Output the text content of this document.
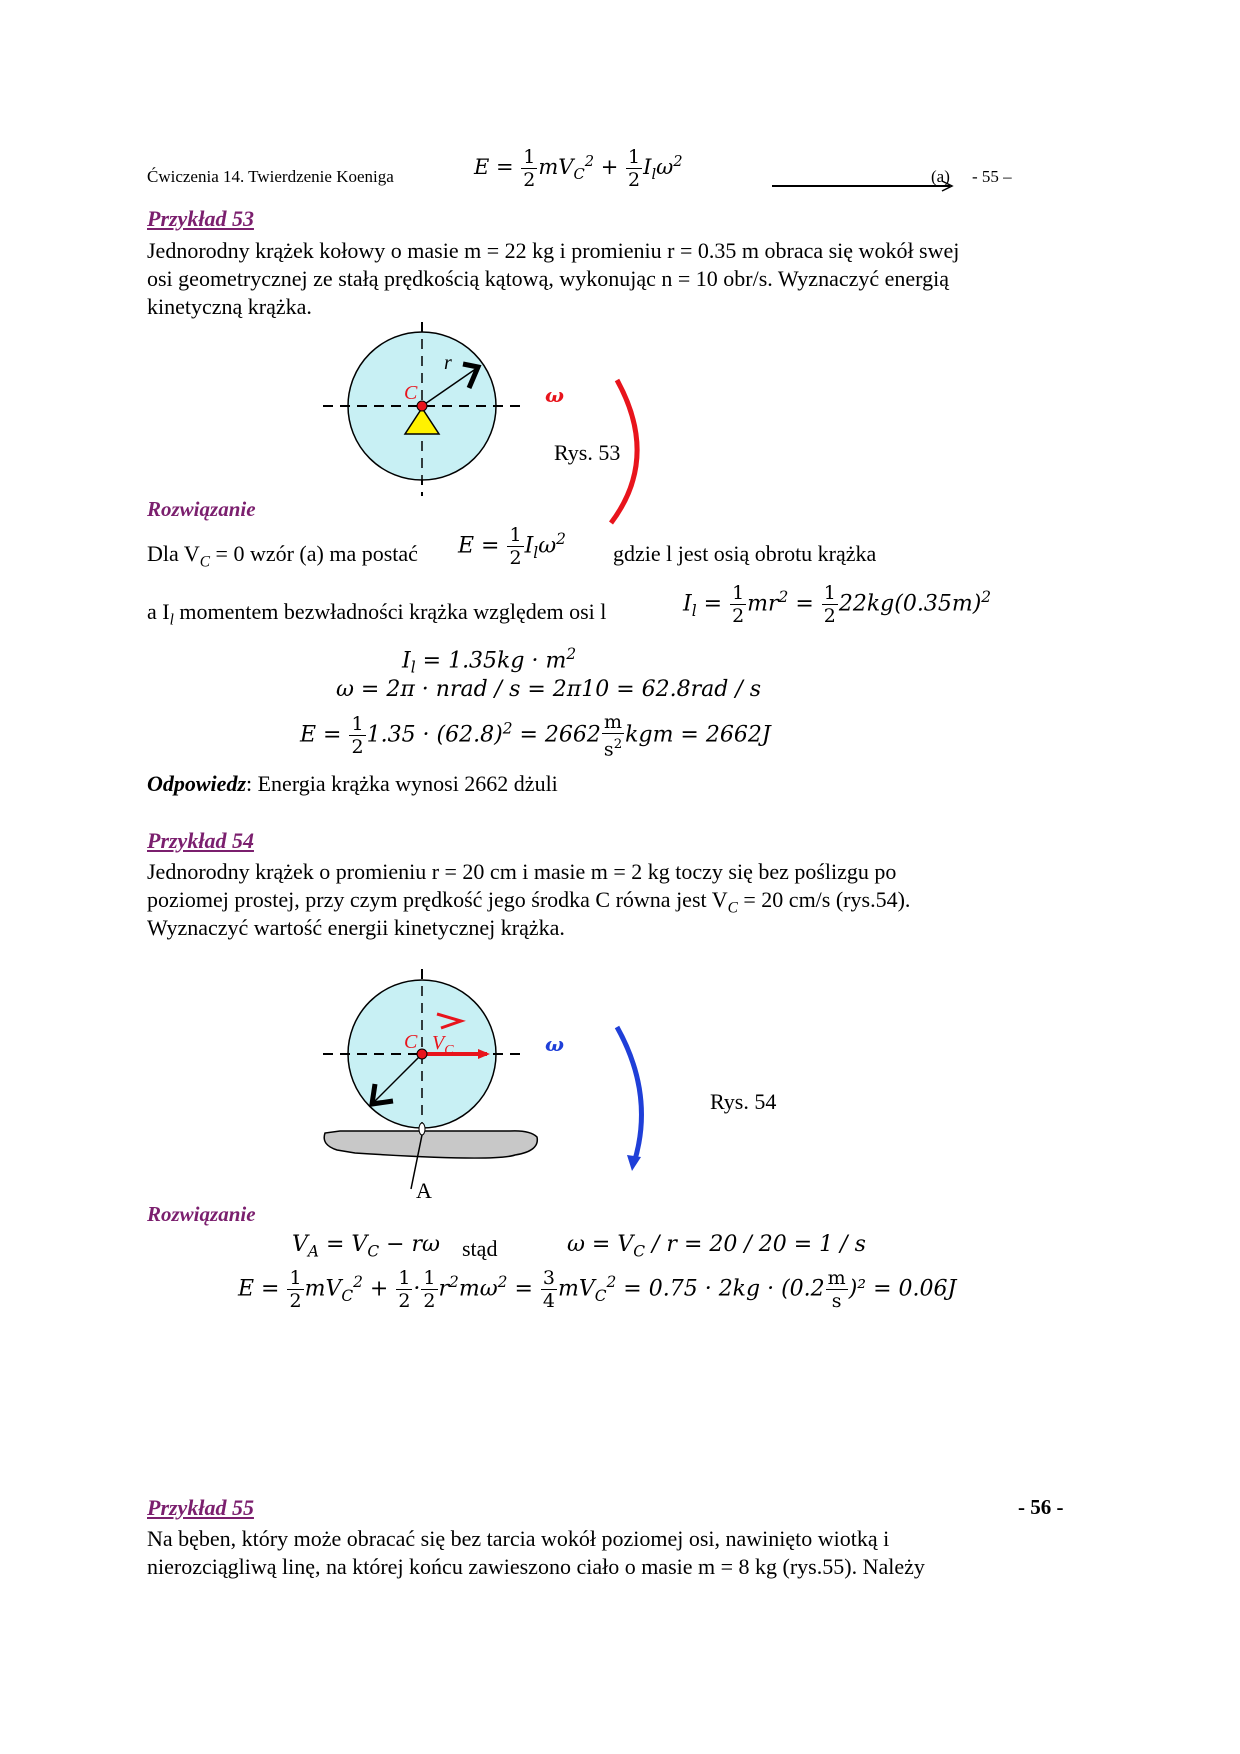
Ćwiczenia 14. Twierdzenie Koeniga	$E = \frac{1}{2} mV_C^2 + \frac{1}{2} I_l\omega^2$
(a) - 55 –
Przykład 53
Jednorodny krążek kołowy o masie m = 22 kg i promieniu r = 0.35 m obraca się wokół swej
osi geometrycznej ze stałą prędkością kątową, wykonując n = 10 obr/s. Wyznaczyć energią
kinetyczną krążka.
r
C	ω
Rys. 53
Rozwiązanie
Dla $V_C = 0$ wzór (a) ma postać $E = \frac{1}{2} I_l\omega^2$
gdzie l jest osią obrotu krążka
a $I_l$ momentem bezwładności krążka względem osi l	$I_l = \frac{1}{2} mr^2 = \frac{1}{2} 22kg(0.35m)^2$
$I_l = 1.35kg \cdot m^2$
ω = 2π · nrad / s = 2π10 = 62.8rad / s
$E = \frac{1}{2} 1.35 \cdot (62.8)^2 = 2662 \frac{m}{s^2}$ kgm = 2662J
Odpowiedz: Energia krążka wynosi 2662 dżuli
Przykład 54
Jednorodny krążek o promieniu r = 20 cm i masie m = 2 kg toczy się bez poślizgu po
poziomej prostej, przy czym prędkość jego środka C równa jest $V_C = 20$ cm/s (rys.54).
Wyznaczyć wartość energii kinetycznej krążka.
C $V_C$
A
ω
Rys. 54
Rozwiązanie
$V_A = V_C - r\omega$ stąd	$\omega = V_C / r = 20 / 20 = 1 / s$
$E = \frac{1}{2} mV_C^2 + \frac{1}{2} \cdot \frac{1}{2} r^2m\omega^2 = \frac{3}{4} mV_C^2 = 0.75 \cdot 2kg \cdot (0.2 \frac{m}{s} )^2 = 0.06J$
Przykład 55	- 56 -
Na bęben, który może obracać się bez tarcia wokół poziomej osi, nawinięto wiotką i
nierozciągliwą linę, na której końcu zawieszono ciało o masie m = 8 kg (rys.55). Należy
